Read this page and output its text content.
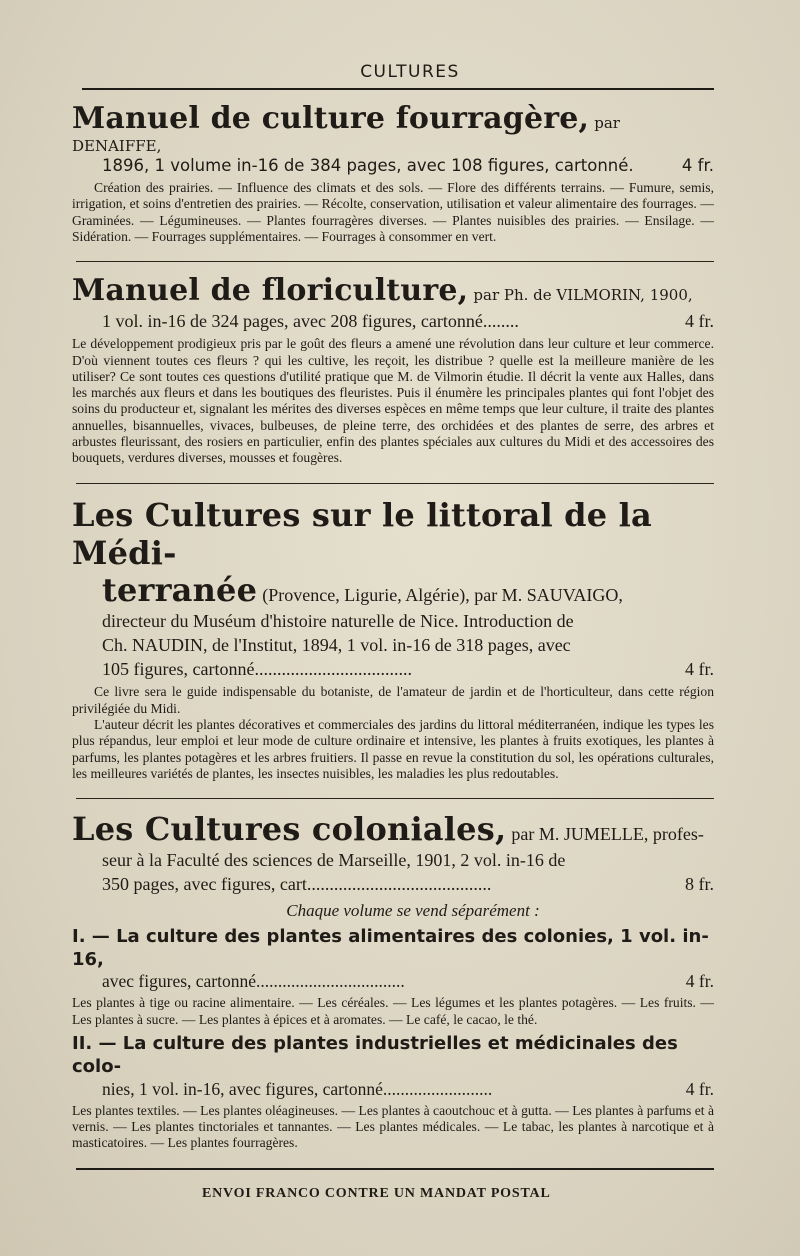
CULTURES
Manuel de culture fourragère, par DENAIFFE,
1896, 1 volume in-16 de 384 pages, avec 108 figures, cartonné.	4 fr.

Création des prairies. — Influence des climats et des sols. — Flore des différents terrains. — Fumure, semis, irrigation, et soins d'entretien des prairies. — Récolte, conservation, utilisation et valeur alimentaire des fourrages. — Graminées. — Légumineuses. — Plantes fourragères diverses. — Plantes nuisibles des prairies. — Ensilage. — Sidération. — Fourrages supplémentaires. — Fourrages à consommer en vert.

Manuel de floriculture, par Ph. de VILMORIN, 1900,
1 vol. in-16 de 324 pages, avec 208 figures, cartonné........	4 fr.

Le développement prodigieux pris par le goût des fleurs a amené une révolution dans leur culture et leur commerce. D'où viennent toutes ces fleurs ? qui les cultive, les reçoit, les distribue ? quelle est la meilleure manière de les utiliser? Ce sont toutes ces questions d'utilité pratique que M. de Vilmorin étudie. Il décrit la vente aux Halles, dans les marchés aux fleurs et dans les boutiques des fleuristes. Puis il énumère les principales plantes qui font l'objet des soins du producteur et, signalant les mérites des diverses espèces en même temps que leur culture, il traite des plantes annuelles, bisannuelles, vivaces, bulbeuses, de pleine terre, des orchidées et des plantes de serre, des arbres et arbustes fleurissant, des rosiers en particulier, enfin des plantes spéciales aux cultures du Midi et des accessoires des bouquets, verdures diverses, mousses et fougères.

Les Cultures sur le littoral de la Médi-
terranée (Provence, Ligurie, Algérie), par M. SAUVAIGO,
directeur du Muséum d'histoire naturelle de Nice. Introduction de
Ch. NAUDIN, de l'Institut, 1894, 1 vol. in-16 de 318 pages, avec
105 figures, cartonné...................................	4 fr.

Ce livre sera le guide indispensable du botaniste, de l'amateur de jardin et de l'horticulteur, dans cette région privilégiée du Midi.

L'auteur décrit les plantes décoratives et commerciales des jardins du littoral méditerranéen, indique les types les plus répandus, leur emploi et leur mode de culture ordinaire et intensive, les plantes à fruits exotiques, les plantes à parfums, les plantes potagères et les arbres fruitiers. Il passe en revue la constitution du sol, les opérations culturales, les meilleures variétés de plantes, les insectes nuisibles, les maladies les plus redoutables.

Les Cultures coloniales, par M. JUMELLE, profes-
seur à la Faculté des sciences de Marseille, 1901, 2 vol. in-16 de
350 pages, avec figures, cart.........................................	8 fr.
Chaque volume se vend séparément :
I. — La culture des plantes alimentaires des colonies, 1 vol. in-16,
avec figures, cartonné..................................	4 fr.

Les plantes à tige ou racine alimentaire. — Les céréales. — Les légumes et les plantes potagères. — Les fruits. — Les plantes à sucre. — Les plantes à épices et à aromates. — Le café, le cacao, le thé.

II. — La culture des plantes industrielles et médicinales des colo-
nies, 1 vol. in-16, avec figures, cartonné.........................	4 fr.

Les plantes textiles. — Les plantes oléagineuses. — Les plantes à caoutchouc et à gutta. — Les plantes à parfums et à vernis. — Les plantes tinctoriales et tannantes. — Les plantes médicales. — Le tabac, les plantes à narcotique et à masticatoires. — Les plantes fourragères.

ENVOI FRANCO CONTRE UN MANDAT POSTAL
